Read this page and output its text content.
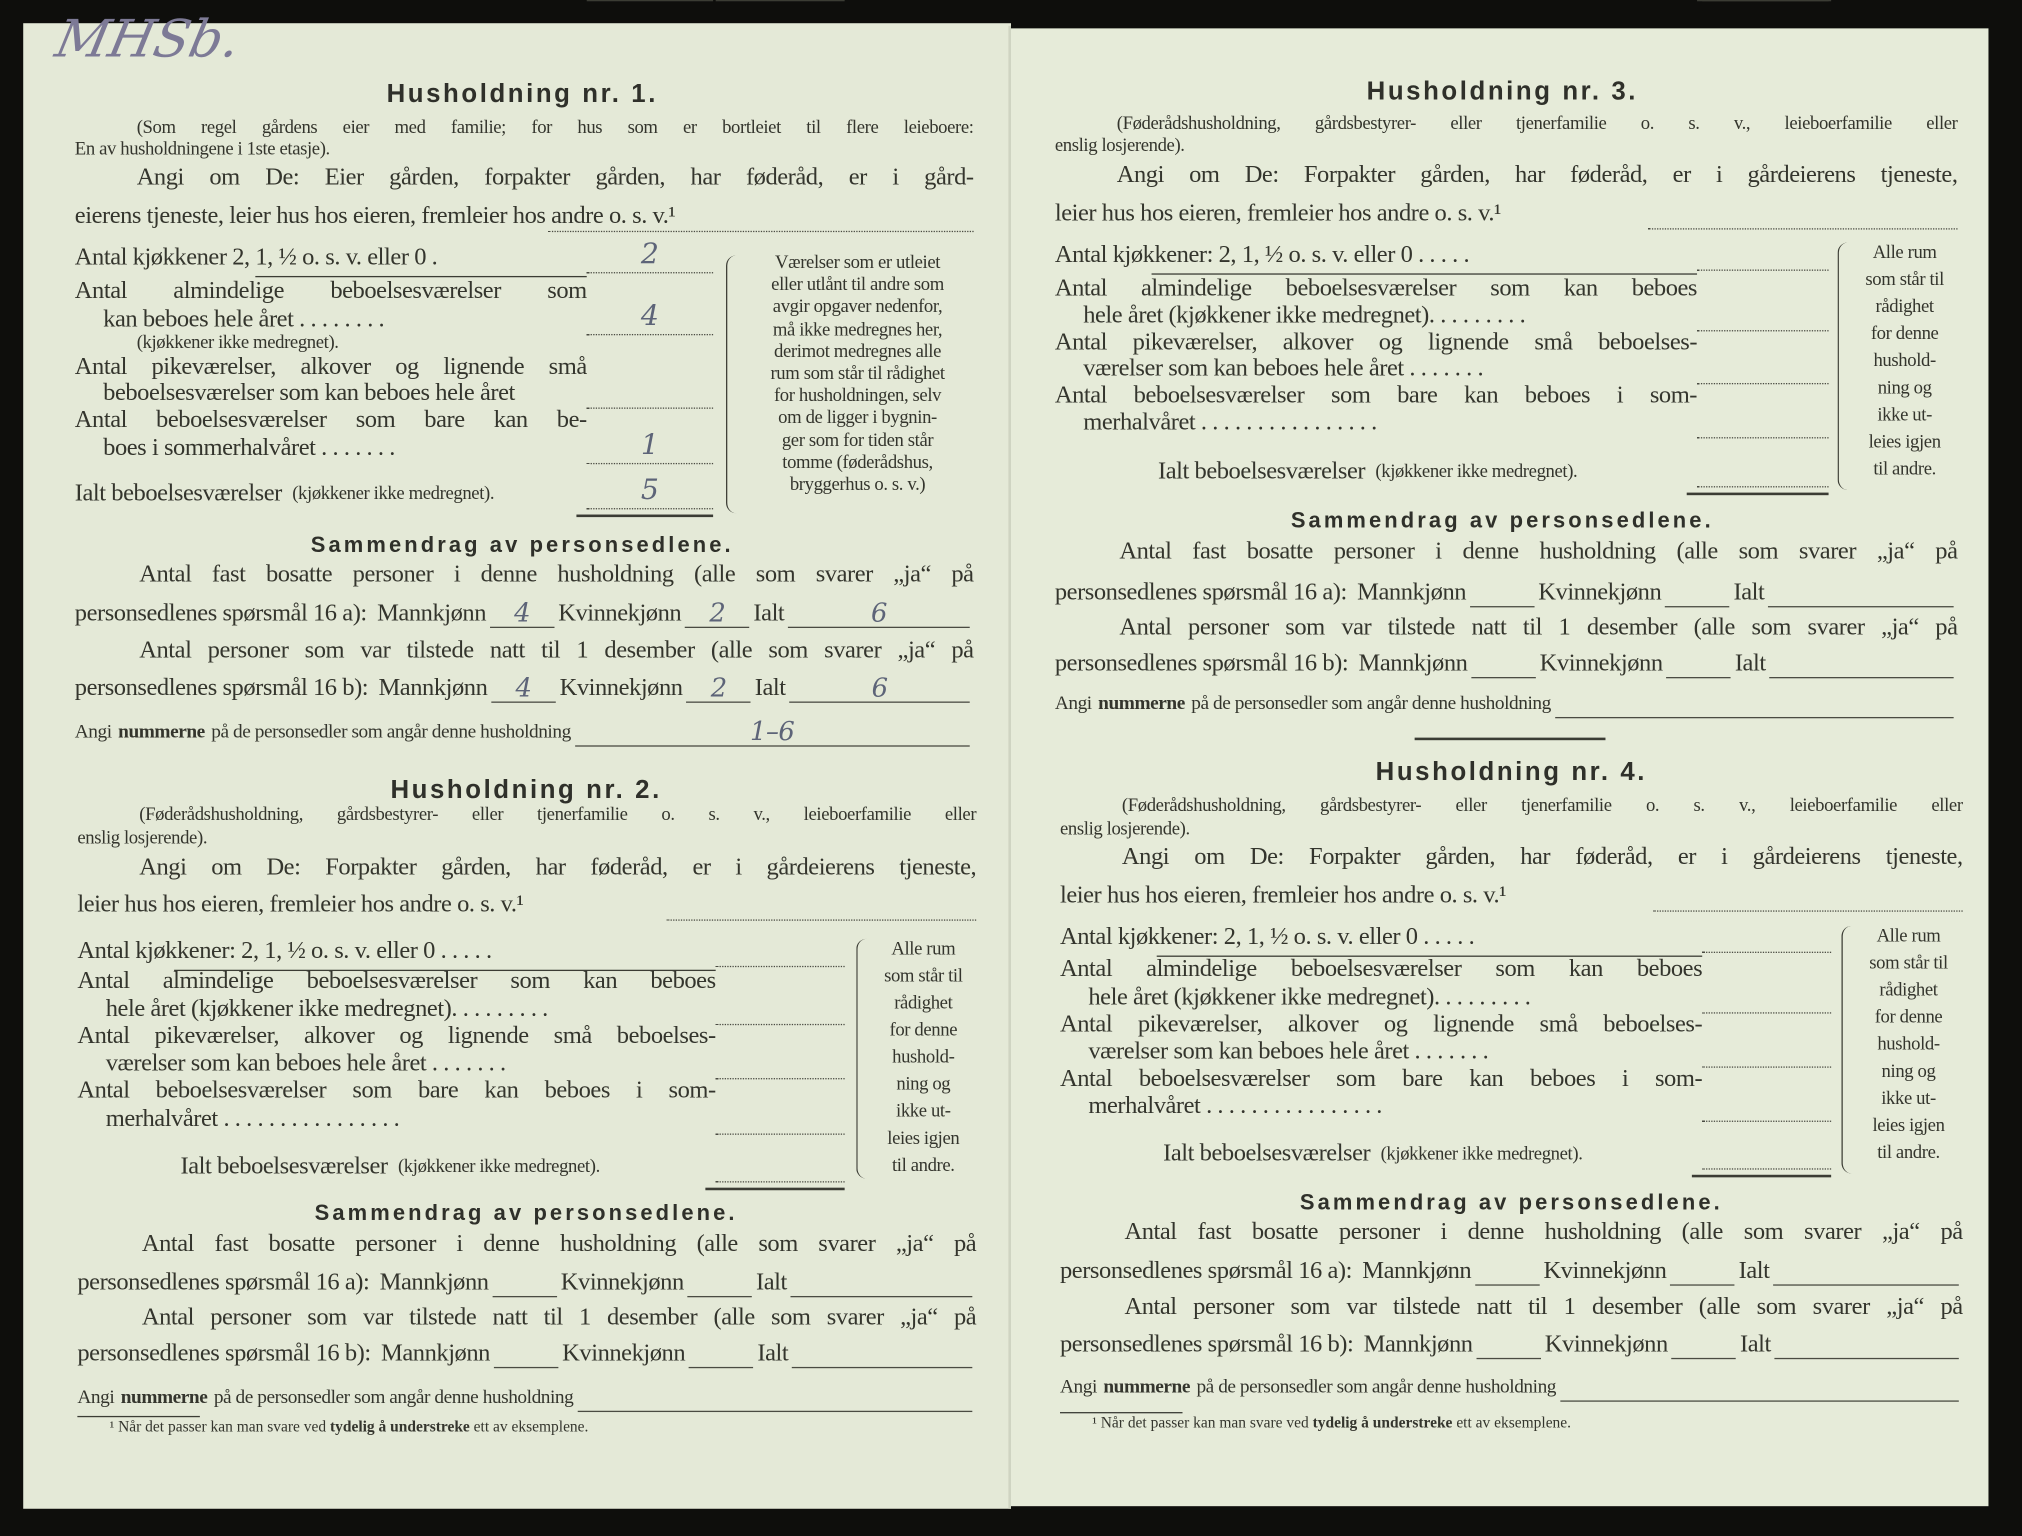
MHSb.
Husholdning nr. 1.
(Som regel gårdens eier med familie; for hus som er bortleiet til flere leieboere:
En av husholdningene i 1ste etasje).
Angi om De: Eier gården, forpakter gården, har føderåd, er i gård-
eierens tjeneste, leier hus hos eieren, fremleier hos andre o. s. v.¹
Antal kjøkkener 2, 1, ½ o. s. v. eller 0 .	2
Antal almindelige beboelsesværelser som
kan beboes hele året . . . . . . . .	4
Antal pikeværelser, alkover og lignende små
beboelsesværelser som kan beboes hele året
Antal beboelsesværelser som bare kan be-
boes i sommerhalvåret . . . . . . .	1
(kjøkkener ikke medregnet).
Ialt beboelsesværelser (kjøkkener ikke medregnet).	5
Værelser som er utleiet
eller utlånt til andre som
avgir opgaver nedenfor,
må ikke medregnes her,
derimot medregnes alle
rum som står til rådighet
for husholdningen, selv
om de ligger i bygnin-
ger som for tiden står
tomme (føderådshus,
bryggerhus o. s. v.)
Sammendrag av personsedlene.
Antal fast bosatte personer i denne husholdning (alle som svarer „ja“ på
personsedlenes spørsmål 16 a): Mannkjønn	4	Kvinnekjønn	2	Ialt	6
Antal personer som var tilstede natt til 1 desember (alle som svarer „ja“ på
personsedlenes spørsmål 16 b): Mannkjønn	4	Kvinnekjønn	2	Ialt	6
Angi nummerne på de personsedler som angår denne husholdning	1–6
Husholdning nr. 2.
(Føderådshusholdning, gårdsbestyrer- eller tjenerfamilie o. s. v., leieboerfamilie eller
enslig losjerende).
Angi om De: Forpakter gården, har føderåd, er i gårdeierens tjeneste,
leier hus hos eieren, fremleier hos andre o. s. v.¹
Antal kjøkkener: 2, 1, ½ o. s. v. eller 0 . . . . .
Antal almindelige beboelsesværelser som kan beboes
hele året (kjøkkener ikke medregnet). . . . . . . . .
Antal pikeværelser, alkover og lignende små beboelses-
værelser som kan beboes hele året . . . . . . .
Antal beboelsesværelser som bare kan beboes i som-
merhalvåret . . . . . . . . . . . . . . . .
Ialt beboelsesværelser (kjøkkener ikke medregnet).
Alle rum
som står til
rådighet
for denne
hushold-
ning og
ikke ut-
leies igjen
til andre.
Sammendrag av personsedlene.
Antal fast bosatte personer i denne husholdning (alle som svarer „ja“ på
personsedlenes spørsmål 16 a): Mannkjønn	Kvinnekjønn	Ialt
Antal personer som var tilstede natt til 1 desember (alle som svarer „ja“ på
personsedlenes spørsmål 16 b): Mannkjønn	Kvinnekjønn	Ialt
Angi nummerne på de personsedler som angår denne husholdning
¹ Når det passer kan man svare ved tydelig å understreke ett av eksemplene.
Husholdning nr. 3.
(Føderådshusholdning, gårdsbestyrer- eller tjenerfamilie o. s. v., leieboerfamilie eller
enslig losjerende).
Angi om De: Forpakter gården, har føderåd, er i gårdeierens tjeneste,
leier hus hos eieren, fremleier hos andre o. s. v.¹
Antal kjøkkener: 2, 1, ½ o. s. v. eller 0 . . . . .
Antal almindelige beboelsesværelser som kan beboes
hele året (kjøkkener ikke medregnet). . . . . . . . .
Antal pikeværelser, alkover og lignende små beboelses-
værelser som kan beboes hele året . . . . . . .
Antal beboelsesværelser som bare kan beboes i som-
merhalvåret . . . . . . . . . . . . . . . .
Ialt beboelsesværelser (kjøkkener ikke medregnet).
Alle rum
som står til
rådighet
for denne
hushold-
ning og
ikke ut-
leies igjen
til andre.
Sammendrag av personsedlene.
Antal fast bosatte personer i denne husholdning (alle som svarer „ja“ på
personsedlenes spørsmål 16 a): Mannkjønn	Kvinnekjønn	Ialt
Antal personer som var tilstede natt til 1 desember (alle som svarer „ja“ på
personsedlenes spørsmål 16 b): Mannkjønn	Kvinnekjønn	Ialt
Angi nummerne på de personsedler som angår denne husholdning
Husholdning nr. 4.
(Føderådshusholdning, gårdsbestyrer- eller tjenerfamilie o. s. v., leieboerfamilie eller
enslig losjerende).
Angi om De: Forpakter gården, har føderåd, er i gårdeierens tjeneste,
leier hus hos eieren, fremleier hos andre o. s. v.¹
Antal kjøkkener: 2, 1, ½ o. s. v. eller 0 . . . . .
Antal almindelige beboelsesværelser som kan beboes
hele året (kjøkkener ikke medregnet). . . . . . . . .
Antal pikeværelser, alkover og lignende små beboelses-
værelser som kan beboes hele året . . . . . . .
Antal beboelsesværelser som bare kan beboes i som-
merhalvåret . . . . . . . . . . . . . . . .
Ialt beboelsesværelser (kjøkkener ikke medregnet).
Alle rum
som står til
rådighet
for denne
hushold-
ning og
ikke ut-
leies igjen
til andre.
Sammendrag av personsedlene.
Antal fast bosatte personer i denne husholdning (alle som svarer „ja“ på
personsedlenes spørsmål 16 a): Mannkjønn	Kvinnekjønn	Ialt
Antal personer som var tilstede natt til 1 desember (alle som svarer „ja“ på
personsedlenes spørsmål 16 b): Mannkjønn	Kvinnekjønn	Ialt
Angi nummerne på de personsedler som angår denne husholdning
¹ Når det passer kan man svare ved tydelig å understreke ett av eksemplene.
